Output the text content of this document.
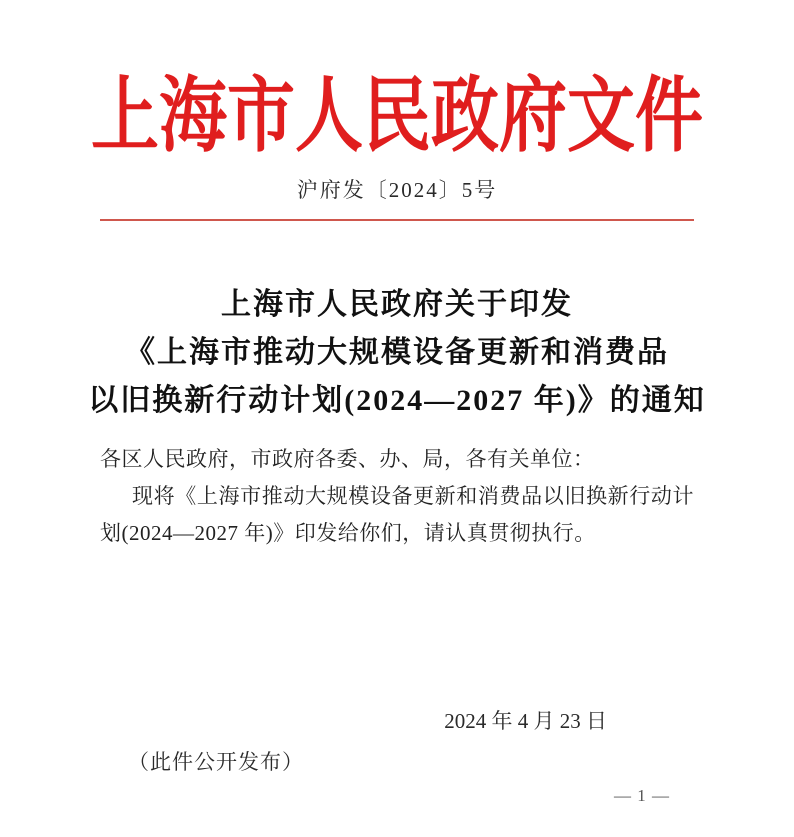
上海市人民政府文件
沪府发〔2024〕5号
上海市人民政府关于印发
《上海市推动大规模设备更新和消费品
以旧换新行动计划(2024—2027 年)》的通知

各区人民政府，市政府各委、办、局，各有关单位：

现将《上海市推动大规模设备更新和消费品以旧换新行动计划(2024—2027 年)》印发给你们，请认真贯彻执行。

2024 年 4 月 23 日
（此件公开发布）
— 1 —
